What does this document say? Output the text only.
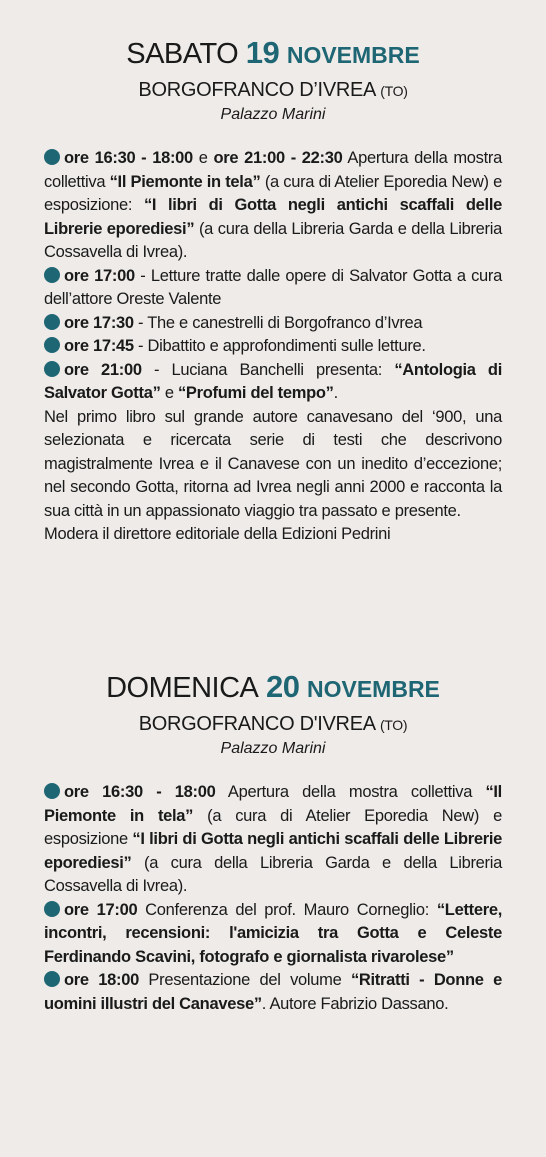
SABATO 19 NOVEMBRE
BORGOFRANCO D’IVREA (TO)
Palazzo Marini

ore 16:30 - 18:00 e ore 21:00 - 22:30 Apertura della mostra collettiva “Il Piemonte in tela” (a cura di Atelier Eporedia New) e esposizione: “I libri di Gotta negli antichi scaffali delle Librerie eporediesi” (a cura della Libreria Garda e della Libreria Cossavella di Ivrea).

ore 17:00 - Letture tratte dalle opere di Salvator Gotta a cura dell’attore Oreste Valente

ore 17:30 - The e canestrelli di Borgofranco d’Ivrea

ore 17:45 - Dibattito e approfondimenti sulle letture.

ore 21:00 - Luciana Banchelli presenta: “Antologia di Salvator Gotta” e “Profumi del tempo”.

Nel primo libro sul grande autore canavesano del ‘900, una selezionata e ricercata serie di testi che descrivono magistralmente Ivrea e il Canavese con un inedito d’eccezione; nel secondo Gotta, ritorna ad Ivrea negli anni 2000 e racconta la sua città in un appassionato viaggio tra passato e presente.

Modera il direttore editoriale della Edizioni Pedrini

DOMENICA 20 NOVEMBRE
BORGOFRANCO D'IVREA (TO)
Palazzo Marini

ore 16:30 - 18:00 Apertura della mostra collettiva “Il Piemonte in tela” (a cura di Atelier Eporedia New) e esposizione “I libri di Gotta negli antichi scaffali delle Librerie eporediesi” (a cura della Libreria Garda e della Libreria Cossavella di Ivrea).

ore 17:00 Conferenza del prof. Mauro Corneglio: “Lettere, incontri, recensioni: l'amicizia tra Gotta e Celeste Ferdinando Scavini, fotografo e giornalista rivarolese”

ore 18:00 Presentazione del volume “Ritratti - Donne e uomini illustri del Canavese”. Autore Fabrizio Dassano.
